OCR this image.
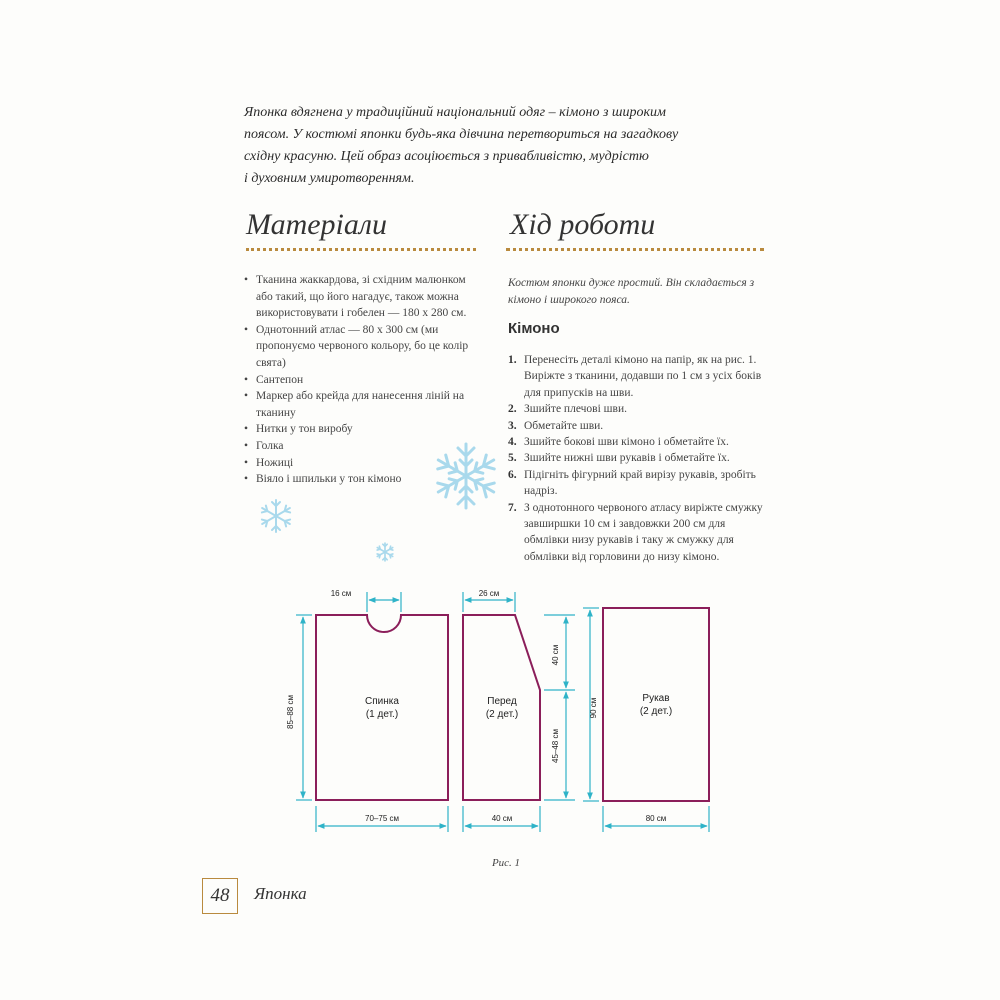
Японка вдягнена у традиційний національний одяг – кімоно з широким

поясом. У костюмі японки будь-яка дівчина перетвориться на загадкову

східну красуню. Цей образ асоціюється з привабливістю, мудрістю

і духовним умиротворенням.

Матеріали	Хід роботи
• Тканина жаккардова, зі східним малюнком або такий, що його нагадує, також можна використовувати і гобелен — 180 х 280 см.
• Однотонний атлас — 80 х 300 см (ми пропонуємо червоного кольору, бо це колір свята)
• Сантепон
• Маркер або крейда для нанесення ліній на тканину
• Нитки у тон виробу
• Голка
• Ножиці
• Віяло і шпильки у тон кімоно

Костюм японки дуже простий. Він складається з кімоно і широкого пояса.

Кімоно
1. Перенесіть деталі кімоно на папір, як на рис. 1. Виріжте з тканини, додавши по 1 см з усіх боків для припусків на шви.
2. Зшийте плечові шви.
3. Обметайте шви.
4. Зшийте бокові шви кімоно і обметайте їх.
5. Зшийте нижні шви рукавів і обметайте їх.
6. Підігніть фігурний край вирізу рукавів, зробіть надріз.
7. З однотонного червоного атласу виріжте смужку завширшки 10 см і завдовжки 200 см для обмлівки низу рукавів і таку ж смужку для обмлівки від горловини до низу кімоно.
Спинка
(1 дет.)
16 см
70–75 см
85–88 см	Перед
(2 дет.)
26 см
40 см
40 см
45–48 см
Рукав
(2 дет.)
90 см
80 см
Рис. 1
48	Японка
